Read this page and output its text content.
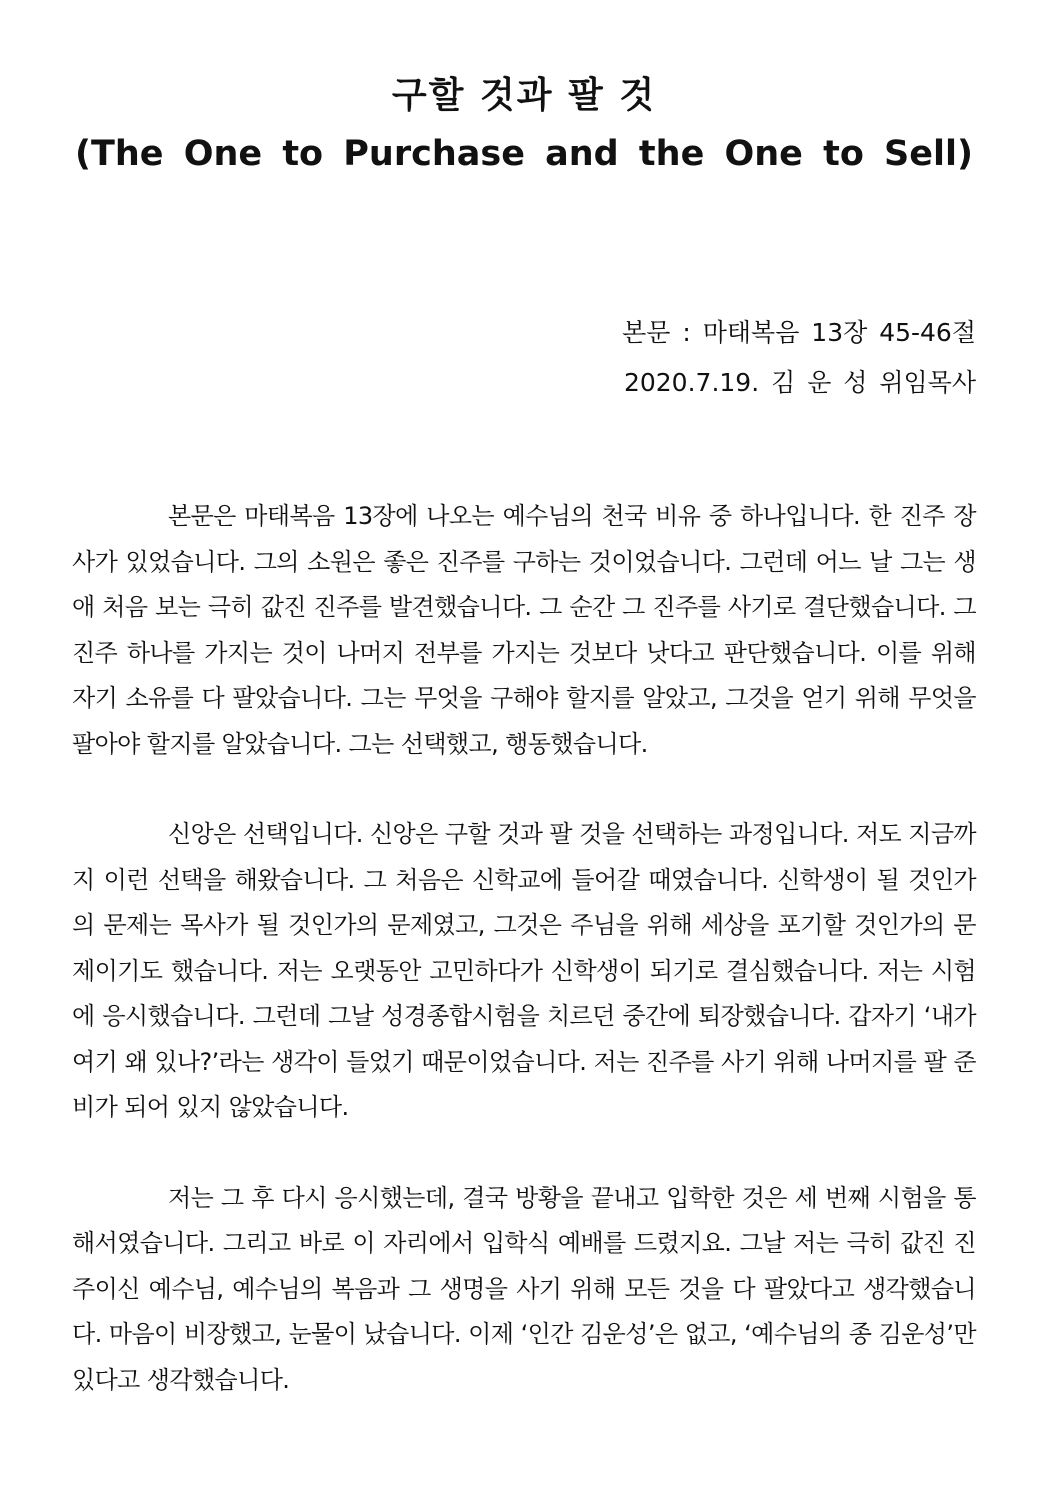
구할 것과 팔 것
(The One to Purchase and the One to Sell)
본문 : 마태복음 13장 45-46절
2020.7.19. 김 운 성 위임목사

본문은 마태복음 13장에 나오는 예수님의 천국 비유 중 하나입니다. 한 진주 장사가 있었습니다. 그의 소원은 좋은 진주를 구하는 것이었습니다. 그런데 어느 날 그는 생애 처음 보는 극히 값진 진주를 발견했습니다. 그 순간 그 진주를 사기로 결단했습니다. 그 진주 하나를 가지는 것이 나머지 전부를 가지는 것보다 낫다고 판단했습니다. 이를 위해 자기 소유를 다 팔았습니다. 그는 무엇을 구해야 할지를 알았고, 그것을 얻기 위해 무엇을 팔아야 할지를 알았습니다. 그는 선택했고, 행동했습니다.

신앙은 선택입니다. 신앙은 구할 것과 팔 것을 선택하는 과정입니다. 저도 지금까지 이런 선택을 해왔습니다. 그 처음은 신학교에 들어갈 때였습니다. 신학생이 될 것인가의 문제는 목사가 될 것인가의 문제였고, 그것은 주님을 위해 세상을 포기할 것인가의 문제이기도 했습니다. 저는 오랫동안 고민하다가 신학생이 되기로 결심했습니다. 저는 시험에 응시했습니다. 그런데 그날 성경종합시험을 치르던 중간에 퇴장했습니다. 갑자기 ‘내가 여기 왜 있나?’라는 생각이 들었기 때문이었습니다. 저는 진주를 사기 위해 나머지를 팔 준비가 되어 있지 않았습니다.

저는 그 후 다시 응시했는데, 결국 방황을 끝내고 입학한 것은 세 번째 시험을 통해서였습니다. 그리고 바로 이 자리에서 입학식 예배를 드렸지요. 그날 저는 극히 값진 진주이신 예수님, 예수님의 복음과 그 생명을 사기 위해 모든 것을 다 팔았다고 생각했습니다. 마음이 비장했고, 눈물이 났습니다. 이제 ‘인간 김운성’은 없고, ‘예수님의 종 김운성’만 있다고 생각했습니다.
